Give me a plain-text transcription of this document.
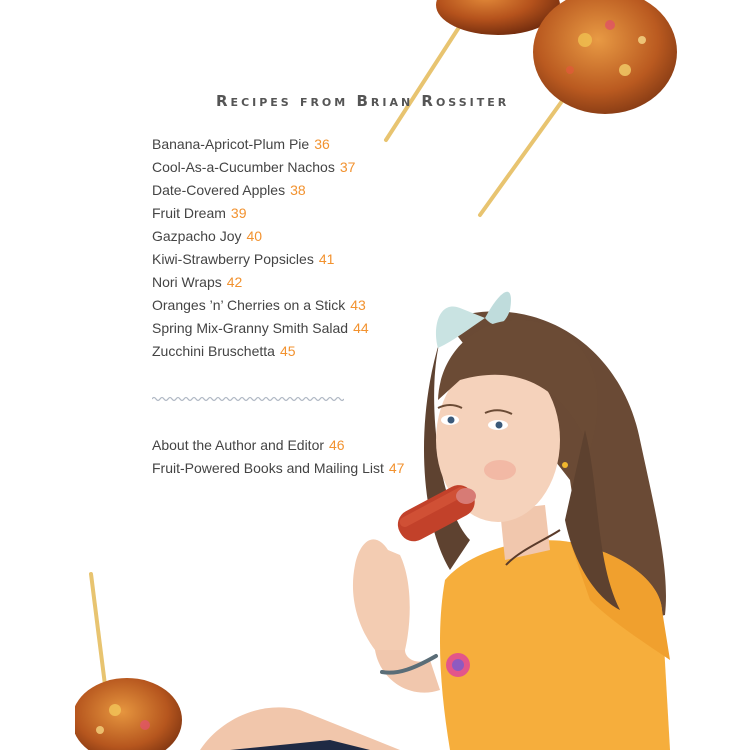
Recipes from Brian Rossiter
Banana-Apricot-Plum Pie 36
Cool-As-a-Cucumber Nachos 37
Date-Covered Apples 38
Fruit Dream 39
Gazpacho Joy 40
Kiwi-Strawberry Popsicles 41
Nori Wraps 42
Oranges ’n’ Cherries on a Stick 43
Spring Mix-Granny Smith Salad 44
Zucchini Bruschetta 45
About the Author and Editor 46
Fruit-Powered Books and Mailing List 47
